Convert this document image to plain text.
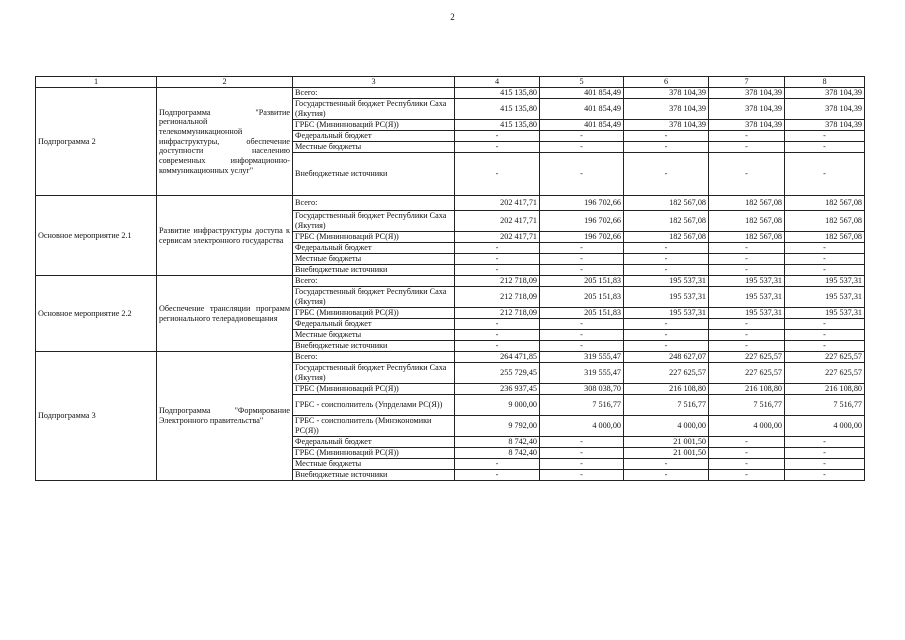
2
1	2	3	4	5	6	7	8
Подпрограмма 2	Подпрограмма "Развитие региональной телекоммуникационной инфраструктуры, обеспечение доступности населению современных информационно-коммуникационных услуг"	Всего:	415 135,80	401 854,49	378 104,39	378 104,39	378 104,39
		Государственный бюджет Республики Саха (Якутия)	415 135,80	401 854,49	378 104,39	378 104,39	378 104,39
		ГРБС (Мининноваций РС(Я))	415 135,80	401 854,49	378 104,39	378 104,39	378 104,39
		Федеральный бюджет	-	-	-	-	-
		Местные бюджеты	-	-	-	-	-
		Внебюджетные источники	-	-	-	-	-
Основное мероприятие 2.1	Развитие инфраструктуры доступа к сервисам электронного государства	Всего:	202 417,71	196 702,66	182 567,08	182 567,08	182 567,08
		Государственный бюджет Республики Саха (Якутия)	202 417,71	196 702,66	182 567,08	182 567,08	182 567,08
		ГРБС (Мининноваций РС(Я))	202 417,71	196 702,66	182 567,08	182 567,08	182 567,08
		Федеральный бюджет	-	-	-	-	-
		Местные бюджеты	-	-	-	-	-
		Внебюджетные источники	-	-	-	-	-
Основное мероприятие 2.2	Обеспечение трансляции программ регионального телерадиовещания	Всего:	212 718,09	205 151,83	195 537,31	195 537,31	195 537,31
		Государственный бюджет Республики Саха (Якутия)	212 718,09	205 151,83	195 537,31	195 537,31	195 537,31
		ГРБС (Мининноваций РС(Я))	212 718,09	205 151,83	195 537,31	195 537,31	195 537,31
		Федеральный бюджет	-	-	-	-	-
		Местные бюджеты	-	-	-	-	-
		Внебюджетные источники	-	-	-	-	-
Подпрограмма 3	Подпрограмма "Формирование Электронного правительства"	Всего:	264 471,85	319 555,47	248 627,07	227 625,57	227 625,57
		Государственный бюджет Республики Саха (Якутия)	255 729,45	319 555,47	227 625,57	227 625,57	227 625,57
		ГРБС (Мининноваций РС(Я))	236 937,45	308 038,70	216 108,80	216 108,80	216 108,80
		ГРБС - соисполнитель (Упрделами РС(Я))	9 000,00	7 516,77	7 516,77	7 516,77	7 516,77
		ГРБС - соисполнитель (Минэкономики РС(Я))	9 792,00	4 000,00	4 000,00	4 000,00	4 000,00
		Федеральный бюджет	8 742,40	-	21 001,50	-	-
		ГРБС (Мининноваций РС(Я))	8 742,40	-	21 001,50	-	-
		Местные бюджеты	-	-	-	-	-
		Внебюджетные источники	-	-	-	-	-
